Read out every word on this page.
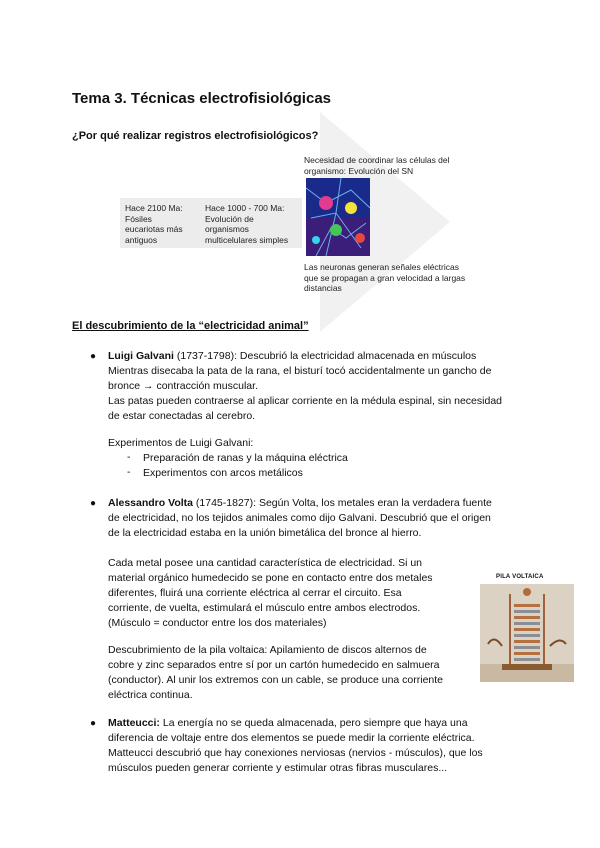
Tema 3. Técnicas electrofisiológicas
¿Por qué realizar registros electrofisiológicos?
Hace 2100 Ma:
Fósiles
eucariotas más
antiguos
Hace 1000 - 700 Ma:
Evolución de
organismos
multicelulares simples
Necesidad de coordinar las células del
organismo: Evolución del SN
Las neuronas generan señales eléctricas
que se propagan a gran velocidad a largas
distancias
El descubrimiento de la “electricidad animal”
● Luigi Galvani (1737-1798): Descubrió la electricidad almacenada en músculos
Mientras disecaba la pata de la rana, el bisturí tocó accidentalmente un gancho de
bronce → contracción muscular.
Las patas pueden contraerse al aplicar corriente en la médula espinal, sin necesidad
de estar conectadas al cerebro.
Experimentos de Luigi Galvani:
- Preparación de ranas y la máquina eléctrica
- Experimentos con arcos metálicos
● Alessandro Volta (1745-1827): Según Volta, los metales eran la verdadera fuente
de electricidad, no los tejidos animales como dijo Galvani. Descubrió que el origen
de la electricidad estaba en la unión bimetálica del bronce al hierro.
Cada metal posee una cantidad característica de electricidad. Si un
material orgánico humedecido se pone en contacto entre dos metales
diferentes, fluirá una corriente eléctrica al cerrar el circuito. Esa
corriente, de vuelta, estimulará el músculo entre ambos electrodos.
(Músculo = conductor entre los dos materiales)
Descubrimiento de la pila voltaica: Apilamiento de discos alternos de
cobre y zinc separados entre sí por un cartón humedecido en salmuera
(conductor). Al unir los extremos con un cable, se produce una corriente
eléctrica continua.
PILA VOLTAICA
● Matteucci: La energía no se queda almacenada, pero siempre que haya una
diferencia de voltaje entre dos elementos se puede medir la corriente eléctrica.
Matteucci descubrió que hay conexiones nerviosas (nervios - músculos), que los
músculos pueden generar corriente y estimular otras fibras musculares...
